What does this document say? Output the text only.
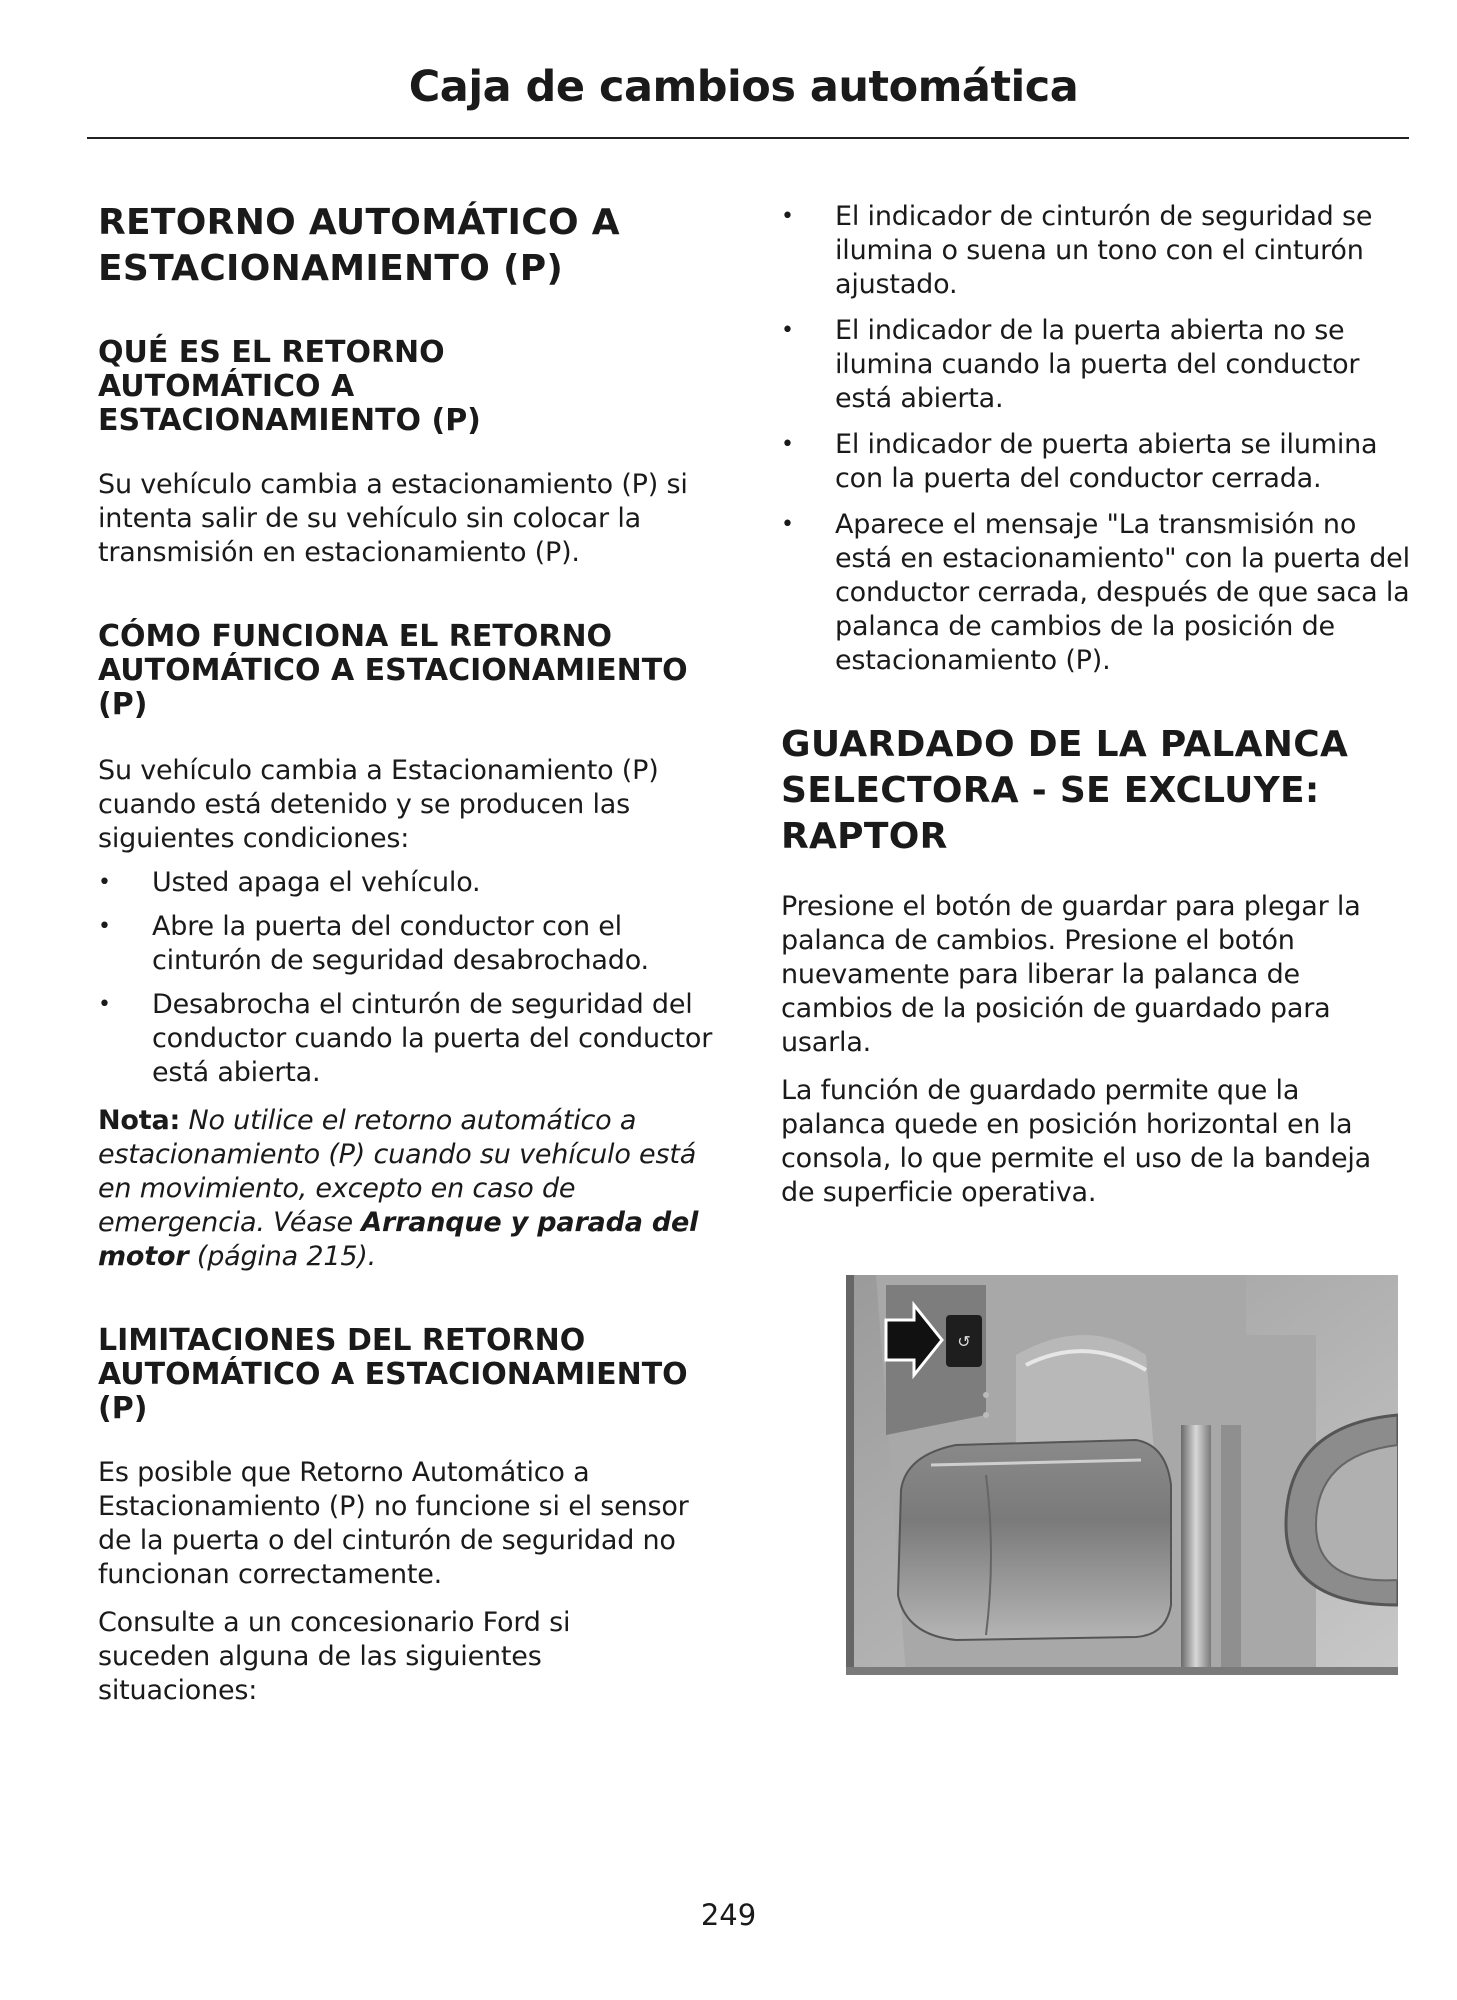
Caja de cambios automática
RETORNO AUTOMÁTICO A ESTACIONAMIENTO (P)
QUÉ ES EL RETORNO AUTOMÁTICO A ESTACIONAMIENTO (P)

Su vehículo cambia a estacionamiento (P) si intenta salir de su vehículo sin colocar la transmisión en estacionamiento (P).

CÓMO FUNCIONA EL RETORNO AUTOMÁTICO A ESTACIONAMIENTO (P)

Su vehículo cambia a Estacionamiento (P) cuando está detenido y se producen las siguientes condiciones:

• Usted apaga el vehículo.
• Abre la puerta del conductor con el cinturón de seguridad desabrochado.
• Desabrocha el cinturón de seguridad del conductor cuando la puerta del conductor está abierta.

Nota: No utilice el retorno automático a estacionamiento (P) cuando su vehículo está en movimiento, excepto en caso de emergencia. Véase Arranque y parada del motor (página 215).

LIMITACIONES DEL RETORNO AUTOMÁTICO A ESTACIONAMIENTO (P)

Es posible que Retorno Automático a Estacionamiento (P) no funcione si el sensor de la puerta o del cinturón de seguridad no funcionan correctamente.

Consulte a un concesionario Ford si suceden alguna de las siguientes situaciones:

• El indicador de cinturón de seguridad se ilumina o suena un tono con el cinturón ajustado.
• El indicador de la puerta abierta no se ilumina cuando la puerta del conductor está abierta.
• El indicador de puerta abierta se ilumina con la puerta del conductor cerrada.
• Aparece el mensaje "La transmisión no está en estacionamiento" con la puerta del conductor cerrada, después de que saca la palanca de cambios de la posición de estacionamiento (P).
GUARDADO DE LA PALANCA SELECTORA - SE EXCLUYE: RAPTOR

Presione el botón de guardar para plegar la palanca de cambios. Presione el botón nuevamente para liberar la palanca de cambios de la posición de guardado para usarla.

La función de guardado permite que la palanca quede en posición horizontal en la consola, lo que permite el uso de la bandeja de superficie operativa.

↺
249
